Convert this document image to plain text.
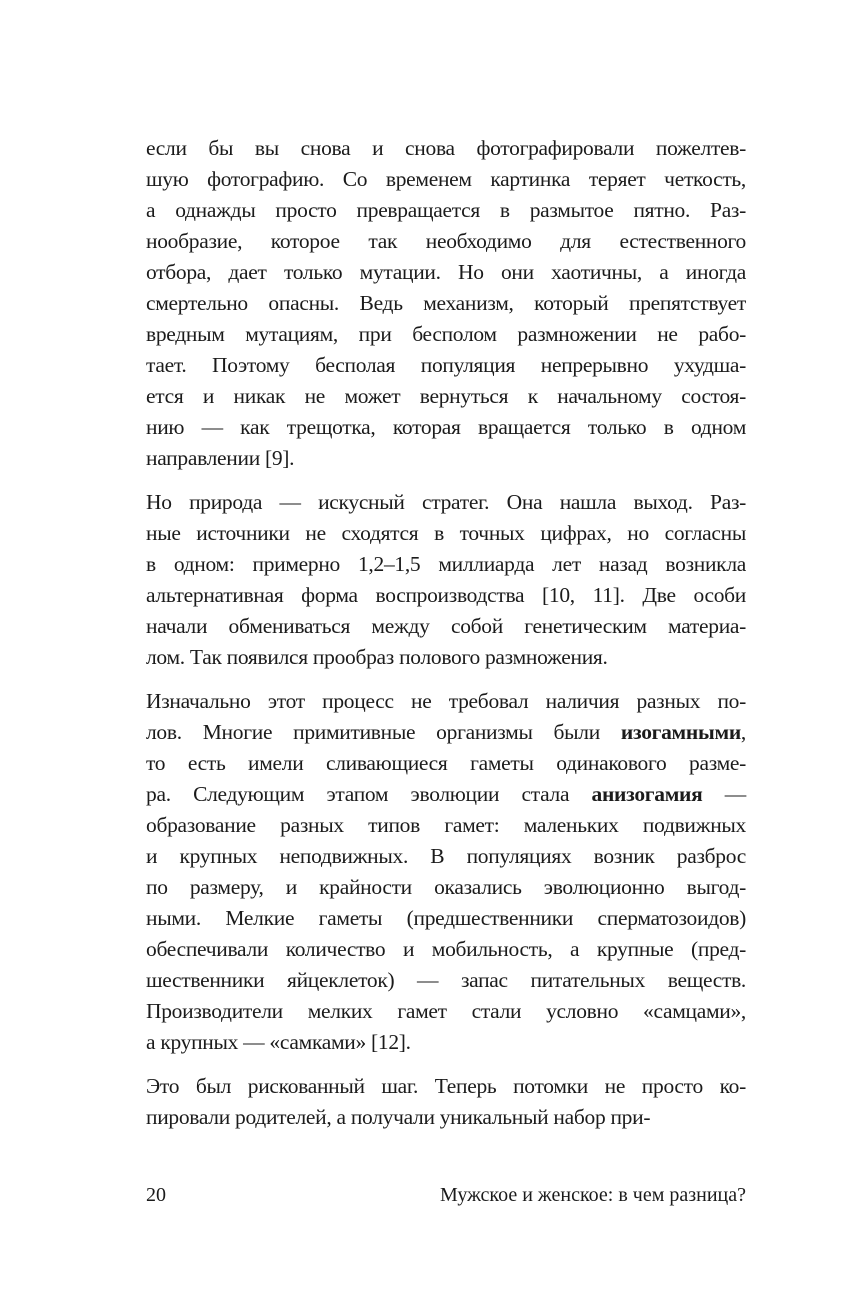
если бы вы снова и снова фотографировали пожелтев-
шую фотографию. Со временем картинка теряет четкость,
а однажды просто превращается в размытое пятно. Раз-
нообразие, которое так необходимо для естественного
отбора, дает только мутации. Но они хаотичны, а иногда
смертельно опасны. Ведь механизм, который препятствует
вредным мутациям, при бесполом размножении не рабо-
тает. Поэтому бесполая популяция непрерывно ухудша-
ется и никак не может вернуться к начальному состоя-
нию — как трещотка, которая вращается только в одном
направлении [9].
Но природа — искусный стратег. Она нашла выход. Раз-
ные источники не сходятся в точных цифрах, но согласны
в одном: примерно 1,2–1,5 миллиарда лет назад возникла
альтернативная форма воспроизводства [10, 11]. Две особи
начали обмениваться между собой генетическим материа-
лом. Так появился прообраз полового размножения.
Изначально этот процесс не требовал наличия разных по-
лов. Многие примитивные организмы были изогамными,
то есть имели сливающиеся гаметы одинакового разме-
ра. Следующим этапом эволюции стала анизогамия —
образование разных типов гамет: маленьких подвижных
и крупных неподвижных. В популяциях возник разброс
по размеру, и крайности оказались эволюционно выгод-
ными. Мелкие гаметы (предшественники сперматозоидов)
обеспечивали количество и мобильность, а крупные (пред-
шественники яйцеклеток) — запас питательных веществ.
Производители мелких гамет стали условно «самцами»,
а крупных — «самками» [12].
Это был рискованный шаг. Теперь потомки не просто ко-
пировали родителей, а получали уникальный набор при-
20	Мужское и женское: в чем разница?
